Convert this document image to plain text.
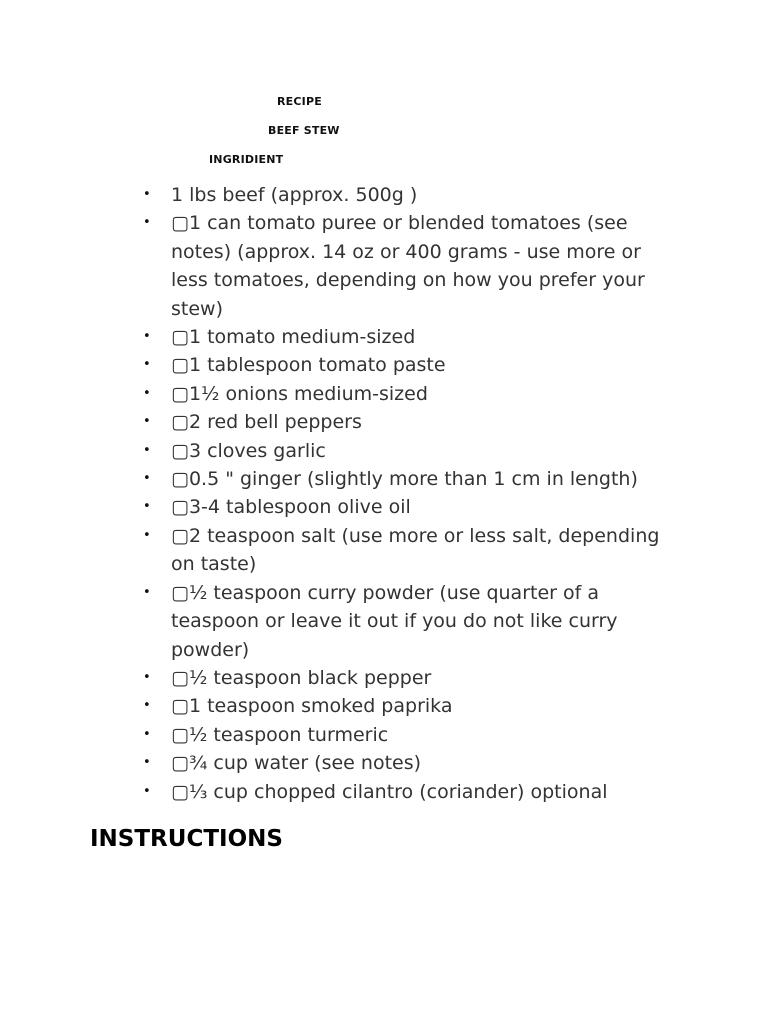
RECIPE
BEEF STEW
INGRIDIENT
• 1 lbs beef (approx. 500g )
• ▢1 can tomato puree or blended tomatoes (see notes) (approx. 14 oz or 400 grams - use more or less tomatoes, depending on how you prefer your stew)
• ▢1 tomato medium-sized
• ▢1 tablespoon tomato paste
• ▢1½ onions medium-sized
• ▢2 red bell peppers
• ▢3 cloves garlic
• ▢0.5 " ginger (slightly more than 1 cm in length)
• ▢3-4 tablespoon olive oil
• ▢2 teaspoon salt (use more or less salt, depending on taste)
• ▢½ teaspoon curry powder (use quarter of a teaspoon or leave it out if you do not like curry powder)
• ▢½ teaspoon black pepper
• ▢1 teaspoon smoked paprika
• ▢½ teaspoon turmeric
• ▢¾ cup water (see notes)
• ▢⅓ cup chopped cilantro (coriander) optional
INSTRUCTIONS
